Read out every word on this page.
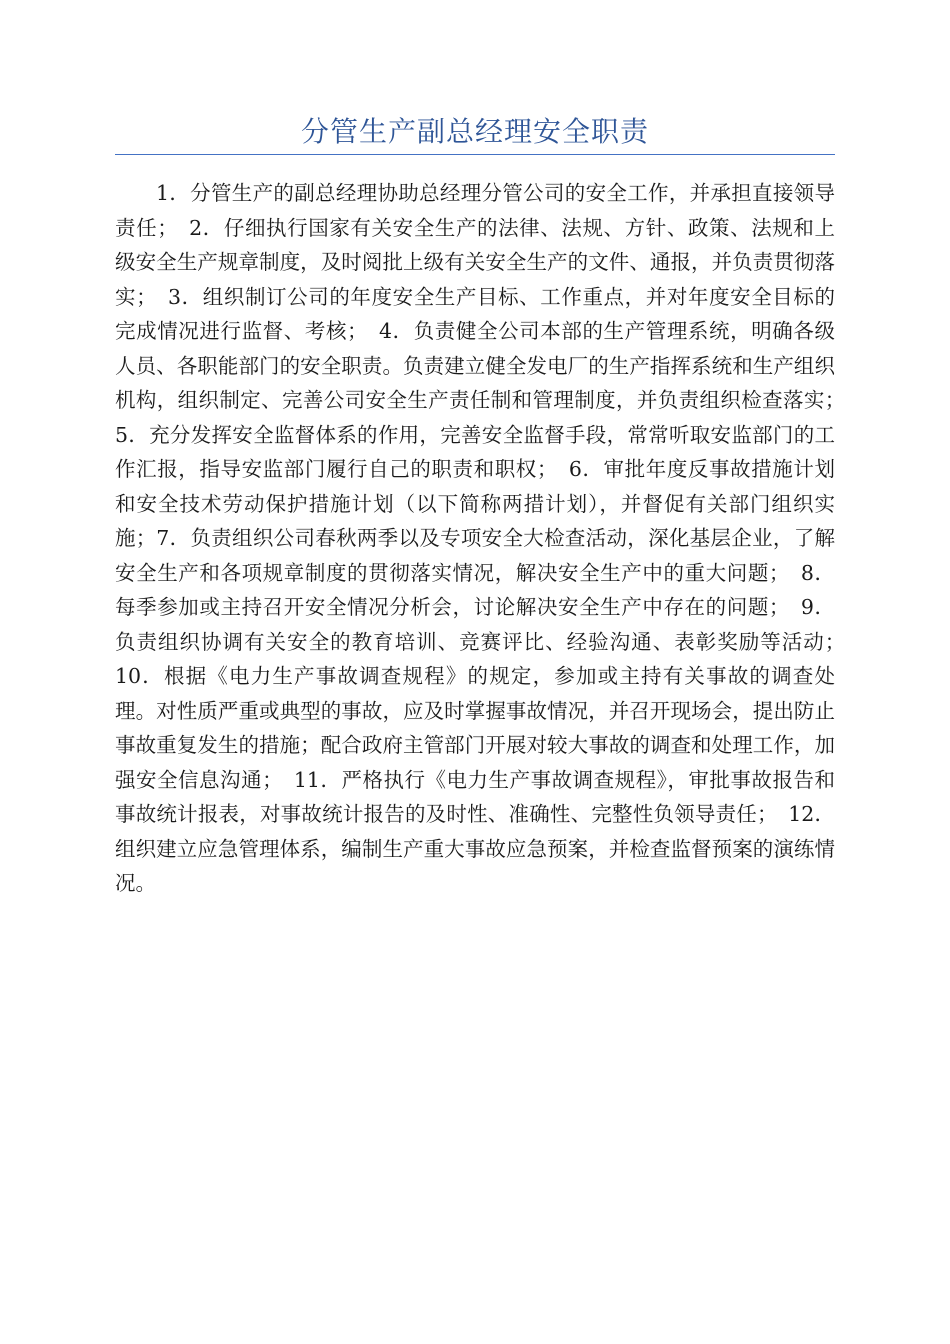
分管生产副总经理安全职责

1．分管生产的副总经理协助总经理分管公司的安全工作，并承担直接领导责任；　2．仔细执行国家有关安全生产的法律、法规、方针、政策、法规和上级安全生产规章制度，及时阅批上级有关安全生产的文件、通报，并负责贯彻落实；　3．组织制订公司的年度安全生产目标、工作重点，并对年度安全目标的完成情况进行监督、考核；　4．负责健全公司本部的生产管理系统，明确各级人员、各职能部门的安全职责。负责建立健全发电厂的生产指挥系统和生产组织机构，组织制定、完善公司安全生产责任制和管理制度，并负责组织检查落实；　5．充分发挥安全监督体系的作用，完善安全监督手段，常常听取安监部门的工作汇报，指导安监部门履行自己的职责和职权；　6．审批年度反事故措施计划和安全技术劳动保护措施计划（以下简称两措计划），并督促有关部门组织实施；7．负责组织公司春秋两季以及专项安全大检查活动，深化基层企业，了解安全生产和各项规章制度的贯彻落实情况，解决安全生产中的重大问题；　8．每季参加或主持召开安全情况分析会，讨论解决安全生产中存在的问题；　9．负责组织协调有关安全的教育培训、竞赛评比、经验沟通、表彰奖励等活动；　10．根据《电力生产事故调查规程》的规定，参加或主持有关事故的调查处理。对性质严重或典型的事故，应及时掌握事故情况，并召开现场会，提出防止事故重复发生的措施；配合政府主管部门开展对较大事故的调查和处理工作，加强安全信息沟通；　11．严格执行《电力生产事故调查规程》，审批事故报告和事故统计报表，对事故统计报告的及时性、准确性、完整性负领导责任；　12．组织建立应急管理体系，编制生产重大事故应急预案，并检查监督预案的演练情况。
